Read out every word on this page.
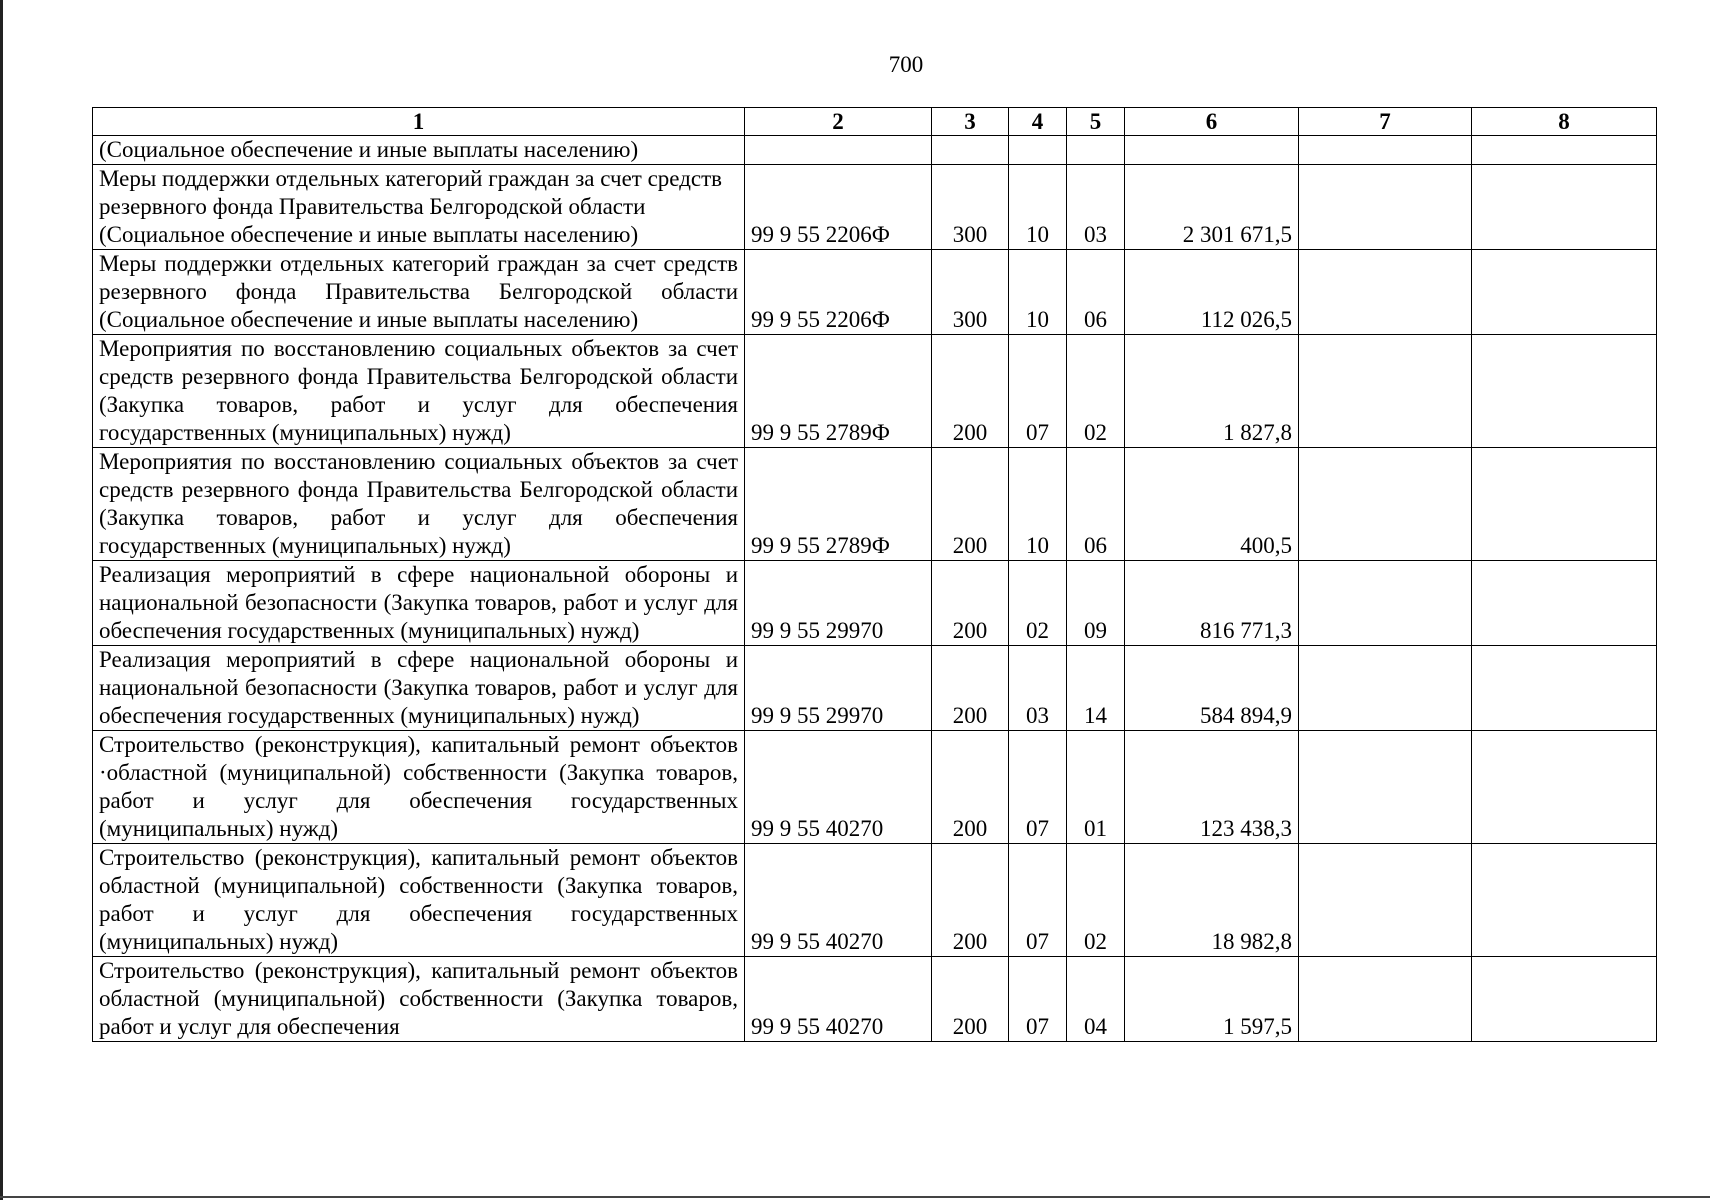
700
1	2	3	4	5	6	7	8
(Социальное обеспечение и иные выплаты населению)							
Меры поддержки отдельных категорий граждан за счет средств резервного фонда Правительства Белгородской области (Социальное обеспечение и иные выплаты населению)	99 9 55 2206Ф	300	10	03	2 301 671,5		
Меры поддержки отдельных категорий граждан за счет средств резервного фонда Правительства Белгородской области (Социальное обеспечение и иные выплаты населению)	99 9 55 2206Ф	300	10	06	112 026,5		
Мероприятия по восстановлению социальных объектов за счет средств резервного фонда Правительства Белгородской области (Закупка товаров, работ и услуг для обеспечения государственных (муниципальных) нужд)	99 9 55 2789Ф	200	07	02	1 827,8		
Мероприятия по восстановлению социальных объектов за счет средств резервного фонда Правительства Белгородской области (Закупка товаров, работ и услуг для обеспечения государственных (муниципальных) нужд)	99 9 55 2789Ф	200	10	06	400,5		
Реализация мероприятий в сфере национальной обороны и национальной безопасности (Закупка товаров, работ и услуг для обеспечения государственных (муниципальных) нужд)	99 9 55 29970	200	02	09	816 771,3		
Реализация мероприятий в сфере национальной обороны и национальной безопасности (Закупка товаров, работ и услуг для обеспечения государственных (муниципальных) нужд)	99 9 55 29970	200	03	14	584 894,9		
Строительство (реконструкция), капитальный ремонт объектов ·областной (муниципальной) собственности (Закупка товаров, работ и услуг для обеспечения государственных (муниципальных) нужд)	99 9 55 40270	200	07	01	123 438,3		
Строительство (реконструкция), капитальный ремонт объектов областной (муниципальной) собственности (Закупка товаров, работ и услуг для обеспечения государственных (муниципальных) нужд)	99 9 55 40270	200	07	02	18 982,8		
Строительство (реконструкция), капитальный ремонт объектов областной (муниципальной) собственности (Закупка товаров, работ и услуг для обеспечения	99 9 55 40270	200	07	04	1 597,5		
